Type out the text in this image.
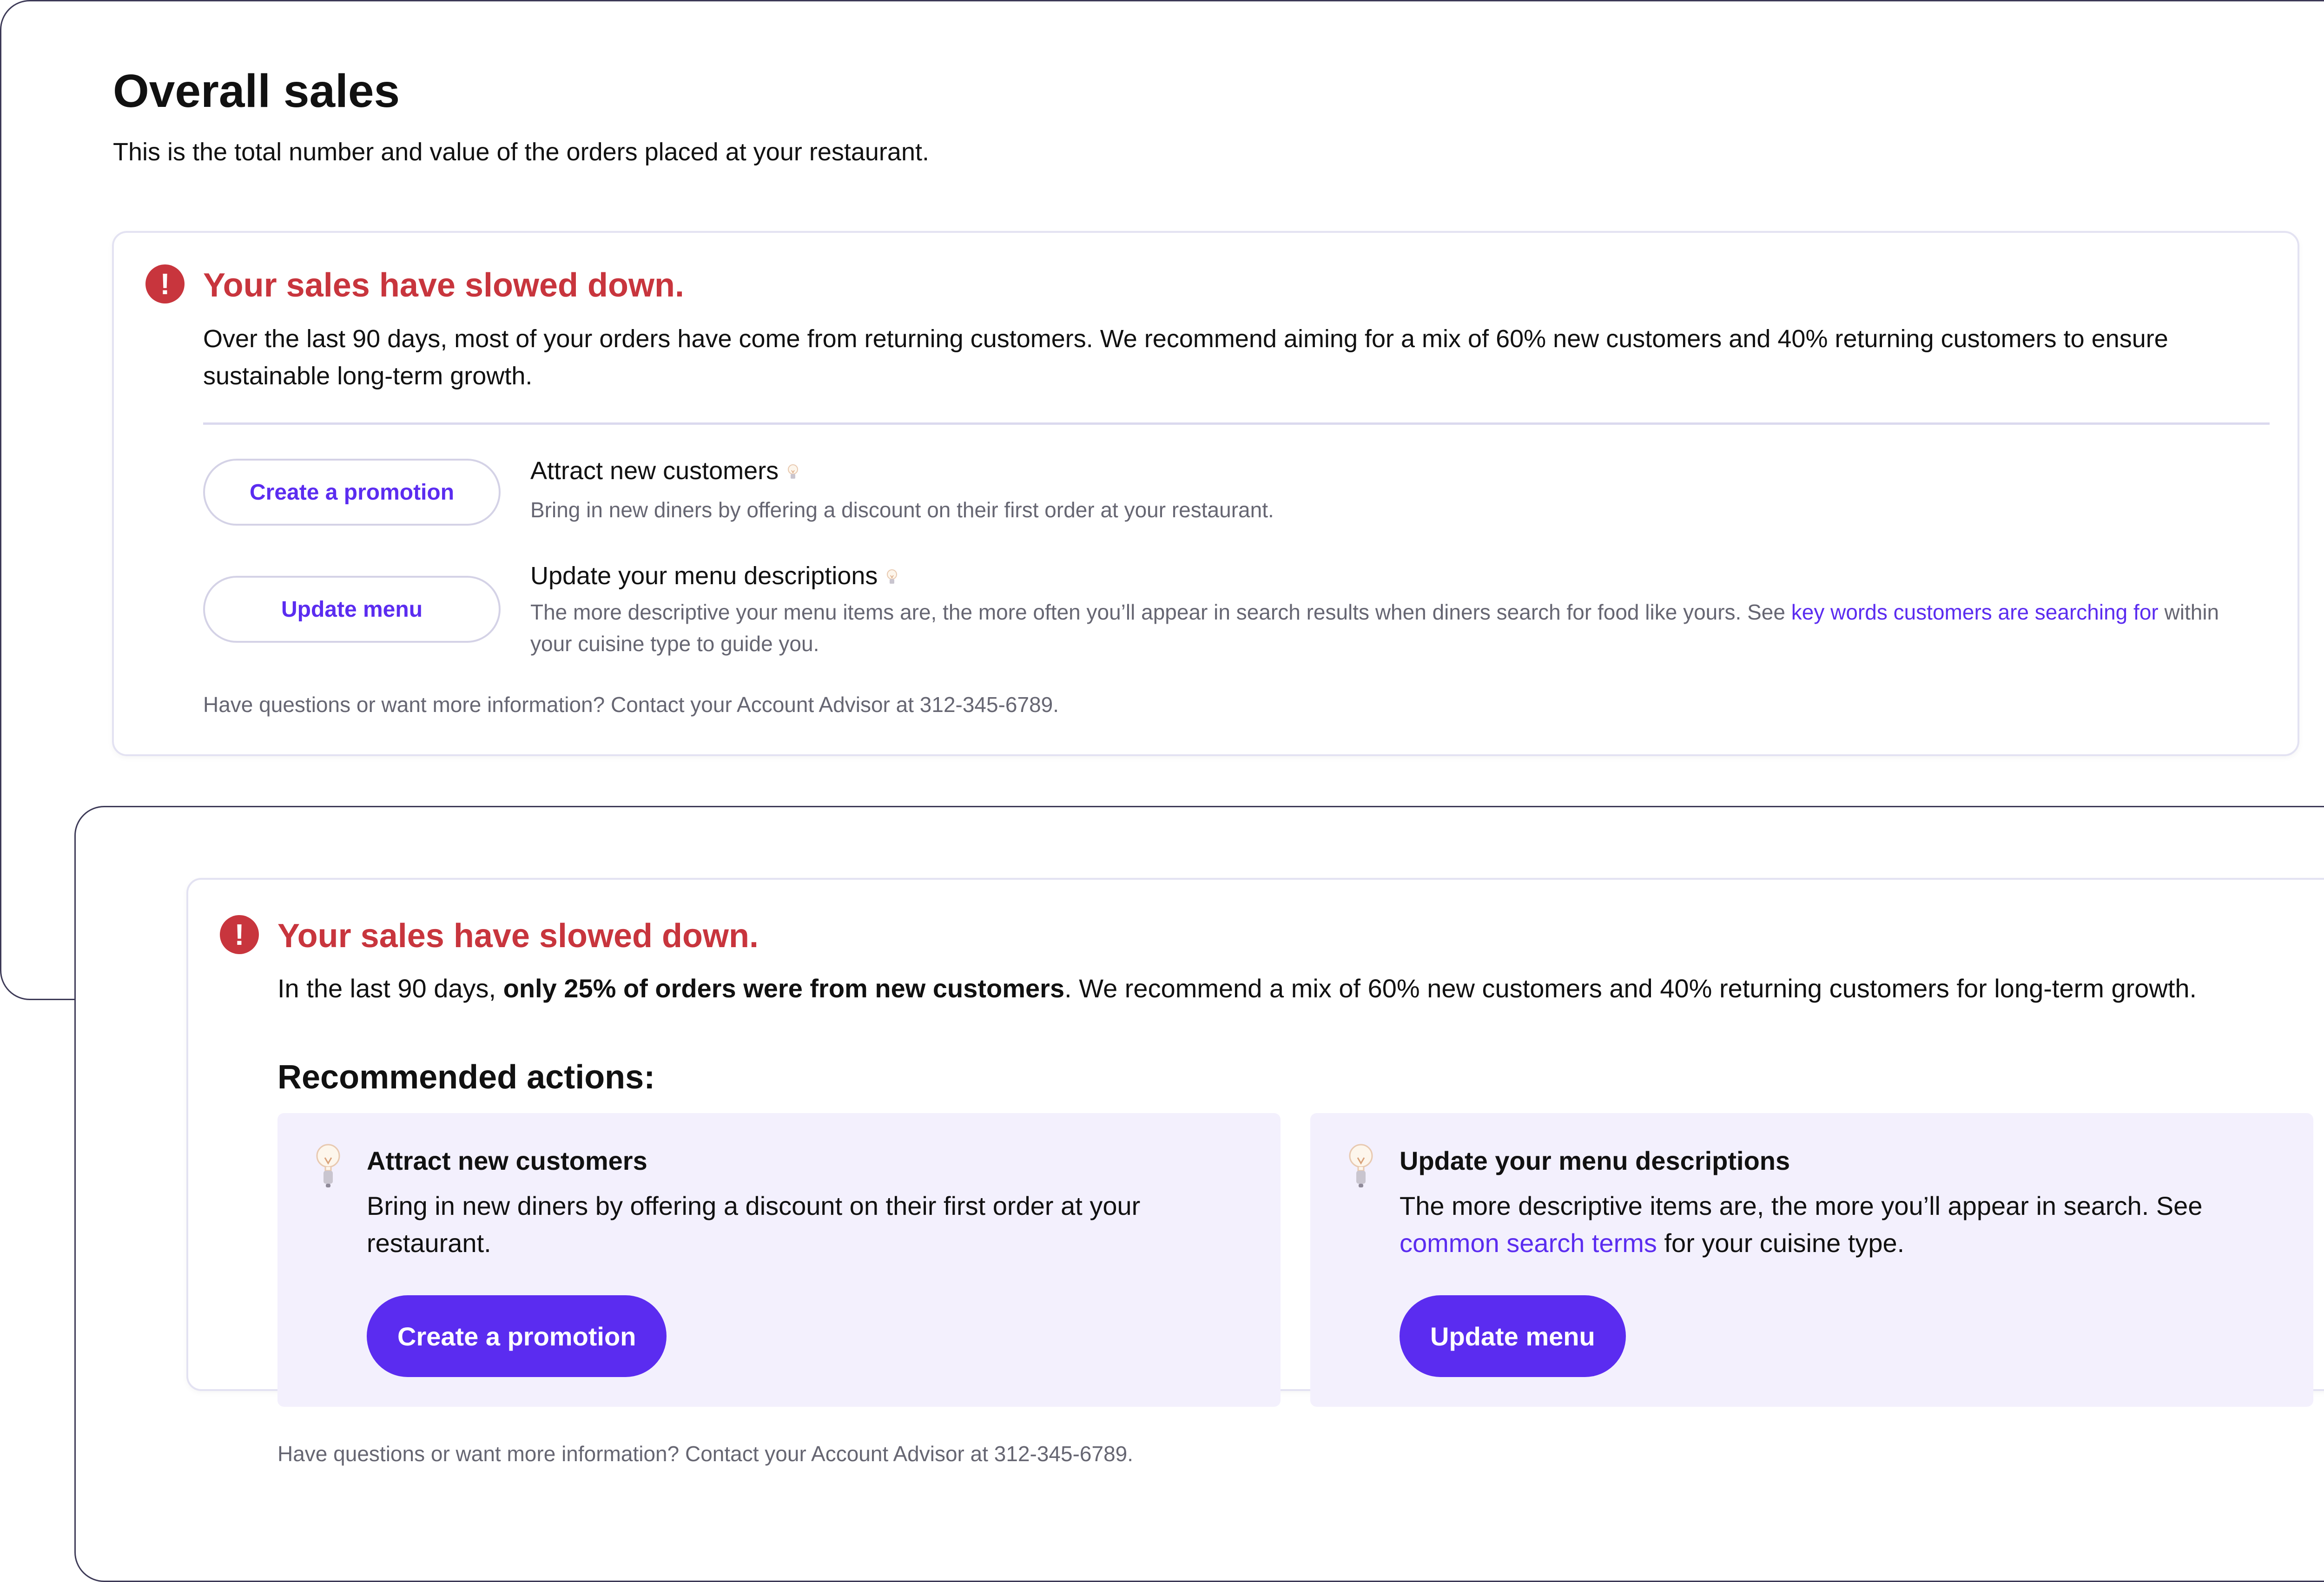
Overall sales

This is the total number and value of the orders placed at your restaurant.

! Your sales have slowed down.

Over the last 90 days, most of your orders have come from returning customers. We recommend aiming for a mix of 60% new customers and 40% returning customers to ensure sustainable long-term growth.

Create a promotion

Attract new customers

Bring in new diners by offering a discount on their first order at your restaurant.

Update menu

Update your menu descriptions

The more descriptive your menu items are, the more often you’ll appear in search results when diners search for food like yours. See key words customers are searching for within your cuisine type to guide you.

Have questions or want more information? Contact your Account Advisor at 312-345-6789.

! Your sales have slowed down.

In the last 90 days, only 25% of orders were from new customers. We recommend a mix of 60% new customers and 40% returning customers for long-term growth.

Recommended actions:
Attract new customers

Bring in new diners by offering a discount on their first order at your restaurant.

Create a promotion
Update your menu descriptions

The more descriptive items are, the more you’ll appear in search. See common search terms for your cuisine type.

Update menu

Have questions or want more information? Contact your Account Advisor at 312-345-6789.
